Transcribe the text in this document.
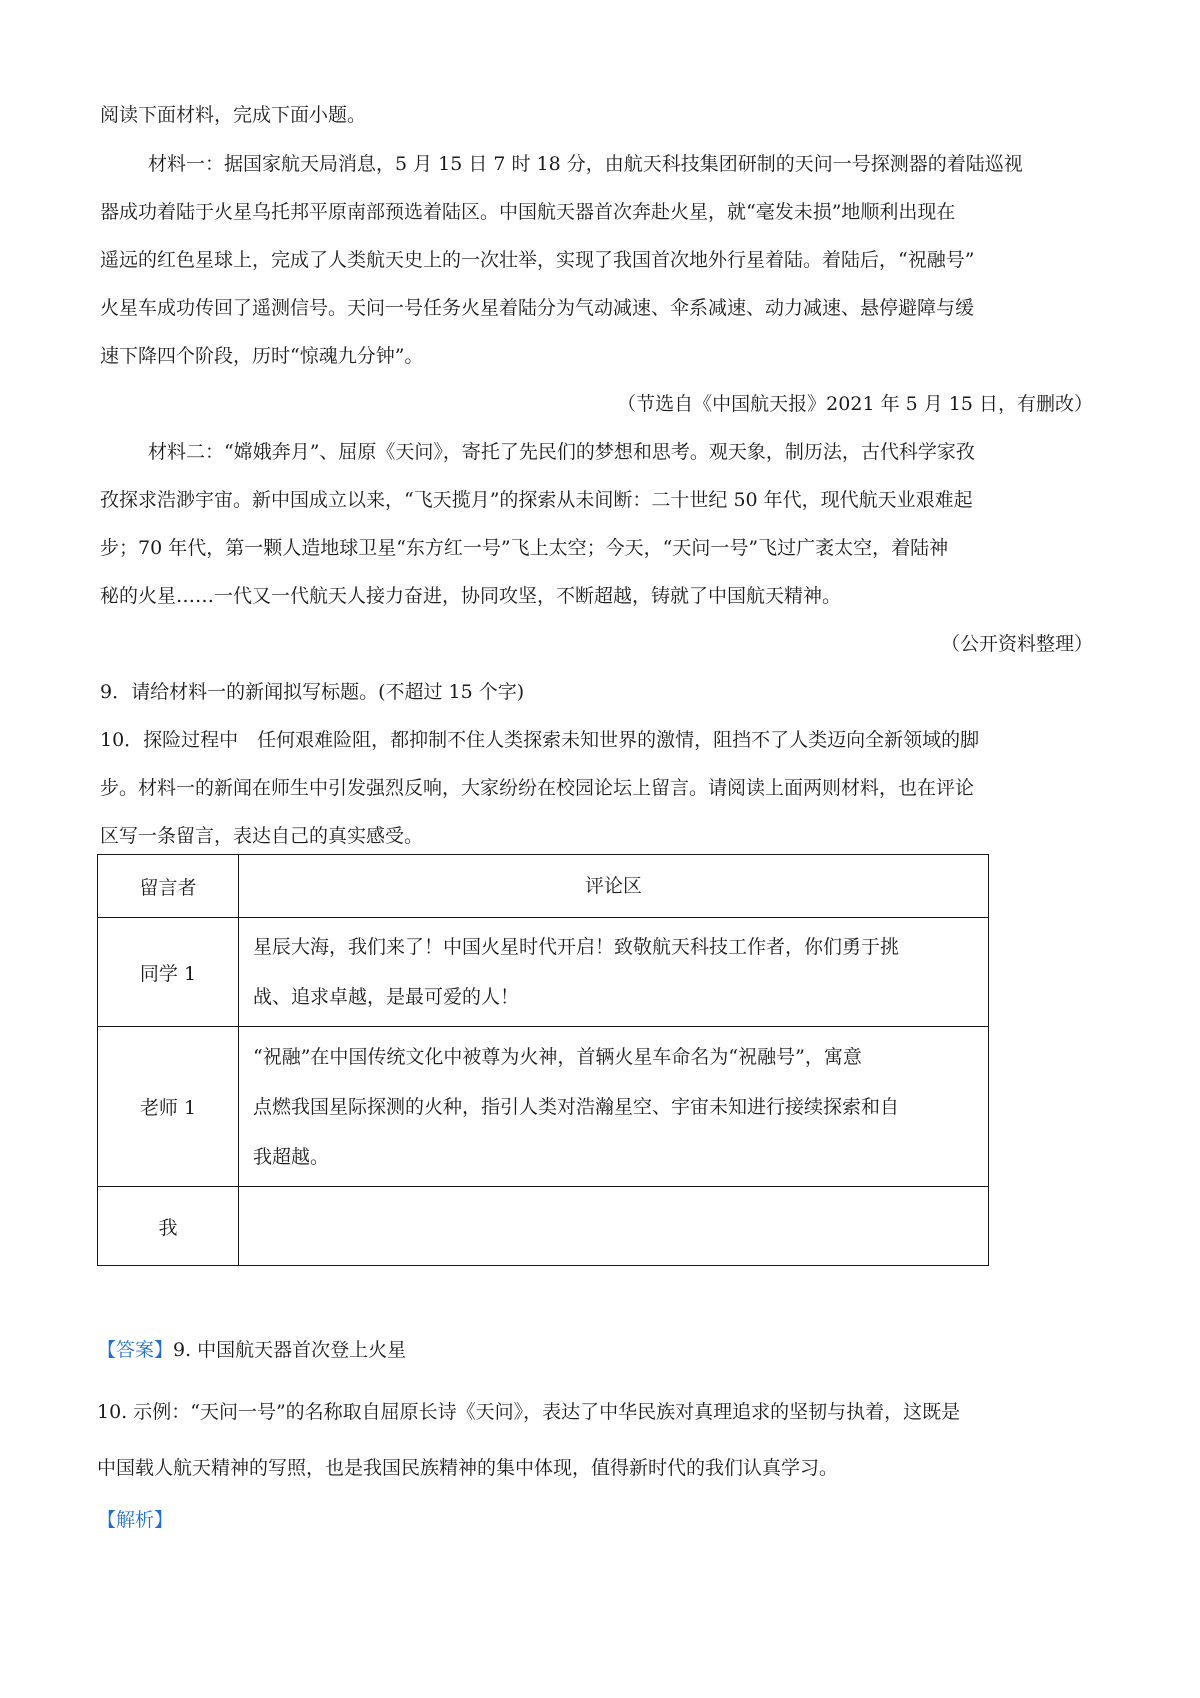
阅读下面材料，完成下面小题。
材料一：据国家航天局消息，5 月 15 日 7 时 18 分，由航天科技集团研制的天问一号探测器的着陆巡视
器成功着陆于火星乌托邦平原南部预选着陆区。中国航天器首次奔赴火星，就“毫发未损”地顺利出现在
遥远的红色星球上，完成了人类航天史上的一次壮举，实现了我国首次地外行星着陆。着陆后，“祝融号”
火星车成功传回了遥测信号。天问一号任务火星着陆分为气动减速、伞系减速、动力减速、悬停避障与缓
速下降四个阶段，历时“惊魂九分钟”。
（节选自《中国航天报》2021 年 5 月 15 日，有删改）
材料二：“嫦娥奔月”、屈原《天问》，寄托了先民们的梦想和思考。观天象，制历法，古代科学家孜
孜探求浩渺宇宙。新中国成立以来，“飞天揽月”的探索从未间断：二十世纪 50 年代，现代航天业艰难起
步；70 年代，第一颗人造地球卫星“东方红一号”飞上太空；今天，“天问一号”飞过广袤太空，着陆神
秘的火星……一代又一代航天人接力奋进，协同攻坚，不断超越，铸就了中国航天精神。
（公开资料整理）
9．请给材料一的新闻拟写标题。(不超过 15 个字)
10．探险过程中　任何艰难险阻，都抑制不住人类探索未知世界的激情，阻挡不了人类迈向全新领域的脚
步。材料一的新闻在师生中引发强烈反响，大家纷纷在校园论坛上留言。请阅读上面两则材料，也在评论
区写一条留言，表达自己的真实感受。
留言者	评论区
同学 1	星辰大海，我们来了！中国火星时代开启！致敬航天科技工作者，你们勇于挑
战、追求卓越，是最可爱的人！

老师 1	“祝融”在中国传统文化中被尊为火神，首辆火星车命名为“祝融号”，寓意
点燃我国星际探测的火种，指引人类对浩瀚星空、宇宙未知进行接续探索和自
我超越。

我	
【答案】9. 中国航天器首次登上火星
10. 示例：“天问一号”的名称取自屈原长诗《天问》，表达了中华民族对真理追求的坚韧与执着，这既是
中国载人航天精神的写照，也是我国民族精神的集中体现，值得新时代的我们认真学习。
【解析】
